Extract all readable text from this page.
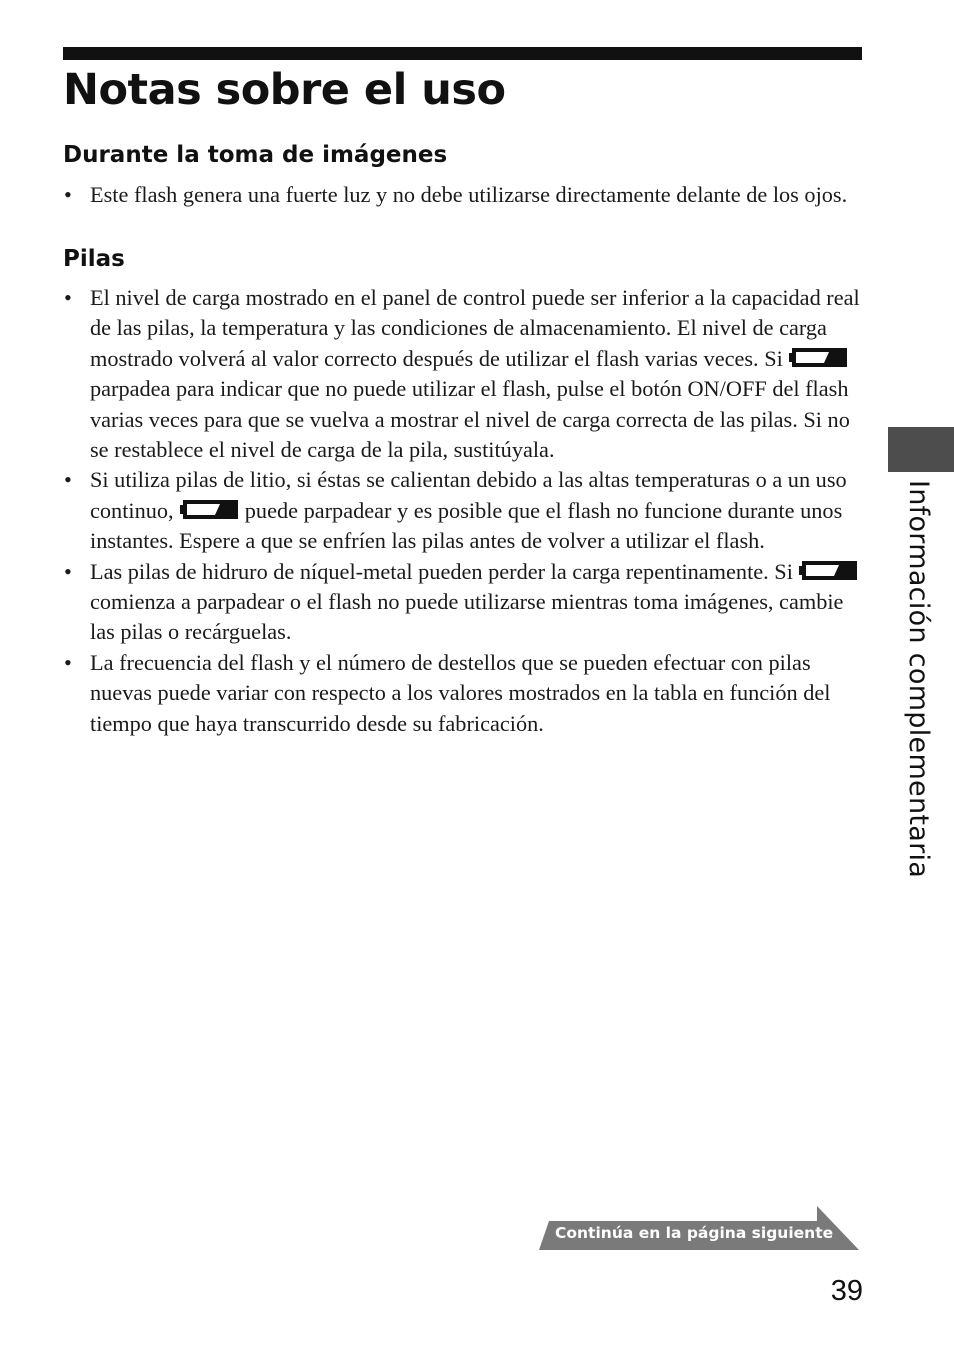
Notas sobre el uso
Durante la toma de imágenes
• Este flash genera una fuerte luz y no debe utilizarse directamente delante de los ojos.
Pilas
• El nivel de carga mostrado en el panel de control puede ser inferior a la capacidad real de las pilas, la temperatura y las condiciones de almacenamiento. El nivel de carga mostrado volverá al valor correcto después de utilizar el flash varias veces. Si
parpadea para indicar que no puede utilizar el flash, pulse el botón ON/OFF del flash varias veces para que se vuelva a mostrar el nivel de carga correcta de las pilas. Si no se restablece el nivel de carga de la pila, sustitúyala.
• Si utiliza pilas de litio, si éstas se calientan debido a las altas temperaturas o a un uso continuo,	puede parpadear y es posible que el flash no funcione durante unos instantes. Espere a que se enfríen las pilas antes de volver a utilizar el flash.
• Las pilas de hidruro de níquel-metal pueden perder la carga repentinamente. Si
comienza a parpadear o el flash no puede utilizarse mientras toma imágenes, cambie las pilas o recárguelas.
• La frecuencia del flash y el número de destellos que se pueden efectuar con pilas nuevas puede variar con respecto a los valores mostrados en la tabla en función del tiempo que haya transcurrido desde su fabricación.	Información complementaria
Continúa en la página siguiente
39
